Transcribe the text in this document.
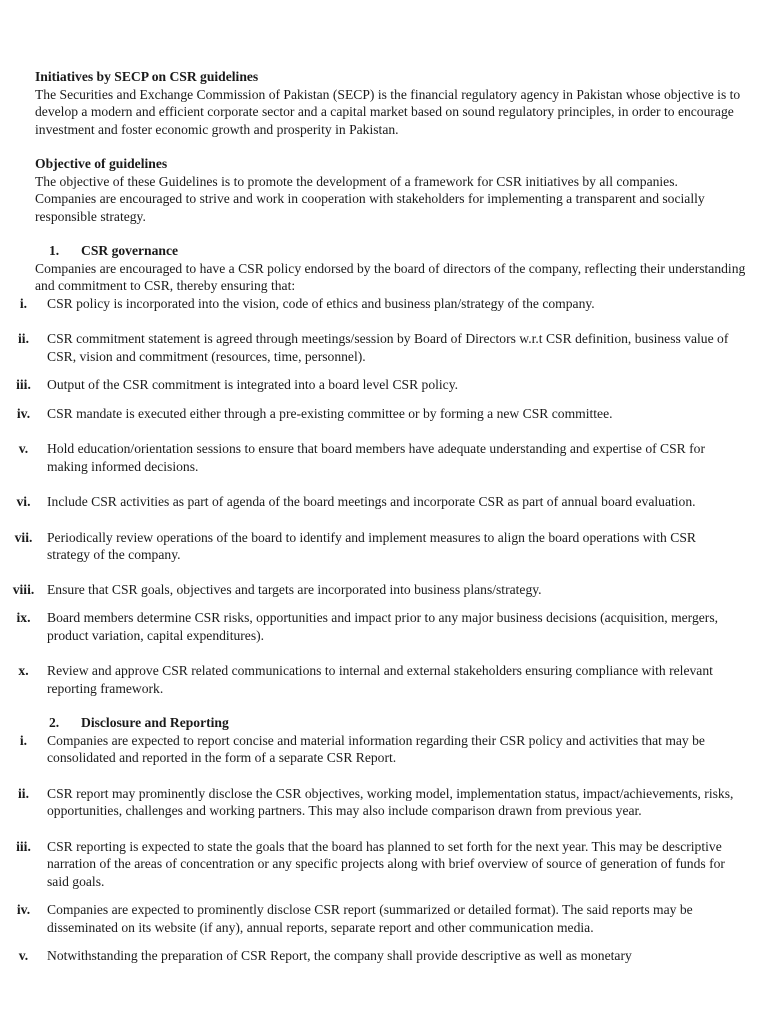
Initiatives by SECP on CSR guidelines

The Securities and Exchange Commission of Pakistan (SECP) is the financial regulatory agency in Pakistan whose objective is to develop a modern and efficient corporate sector and a capital market based on sound regulatory principles, in order to encourage investment and foster economic growth and prosperity in Pakistan.

Objective of guidelines

The objective of these Guidelines is to promote the development of a framework for CSR initiatives by all companies. Companies are encouraged to strive and work in cooperation with stakeholders for implementing a transparent and socially responsible strategy.

1.	CSR governance

Companies are encouraged to have a CSR policy endorsed by the board of directors of the company, reflecting their understanding and commitment to CSR, thereby ensuring that:

i.	CSR policy is incorporated into the vision, code of ethics and business plan/strategy of the company.
ii.	CSR commitment statement is agreed through meetings/session by Board of Directors w.r.t CSR definition, business value of CSR, vision and commitment (resources, time, personnel).
iii.	Output of the CSR commitment is integrated into a board level CSR policy.
iv.	CSR mandate is executed either through a pre-existing committee or by forming a new CSR committee.
v.	Hold education/orientation sessions to ensure that board members have adequate understanding and expertise of CSR for making informed decisions.
vi.	Include CSR activities as part of agenda of the board meetings and incorporate CSR as part of annual board evaluation.
vii.	Periodically review operations of the board to identify and implement measures to align the board operations with CSR strategy of the company.
viii. Ensure that CSR goals, objectives and targets are incorporated into business plans/strategy.
ix.	Board members determine CSR risks, opportunities and impact prior to any major business decisions (acquisition, mergers, product variation, capital expenditures).
x.	Review and approve CSR related communications to internal and external stakeholders ensuring compliance with relevant reporting framework.
2.	Disclosure and Reporting
i.	Companies are expected to report concise and material information regarding their CSR policy and activities that may be consolidated and reported in the form of a separate CSR Report.
ii.	CSR report may prominently disclose the CSR objectives, working model, implementation status, impact/achievements, risks, opportunities, challenges and working partners. This may also include comparison drawn from previous year.
iii.	CSR reporting is expected to state the goals that the board has planned to set forth for the next year. This may be descriptive narration of the areas of concentration or any specific projects along with brief overview of source of generation of funds for said goals.
iv.	Companies are expected to prominently disclose CSR report (summarized or detailed format). The said reports may be disseminated on its website (if any), annual reports, separate report and other communication media.
v.	Notwithstanding the preparation of CSR Report, the company shall provide descriptive as well as monetary
